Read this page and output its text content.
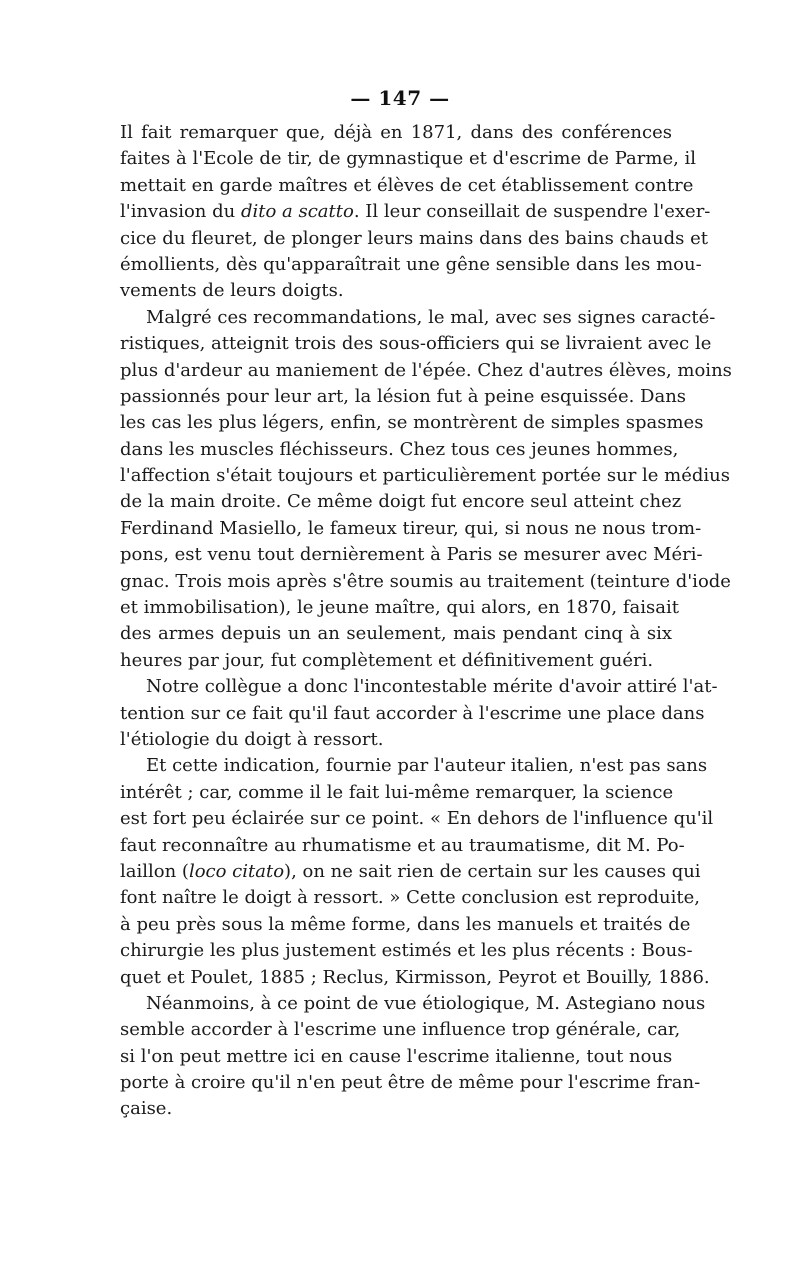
— 147 —
Il fait remarquer que, déjà en 1871, dans des conférences
faites à l'Ecole de tir, de gymnastique et d'escrime de Parme, il
mettait en garde maîtres et élèves de cet établissement contre
l'invasion du dito a scatto. Il leur conseillait de suspendre l'exer-
cice du fleuret, de plonger leurs mains dans des bains chauds et
émollients, dès qu'apparaîtrait une gêne sensible dans les mou-
vements de leurs doigts.
Malgré ces recommandations, le mal, avec ses signes caracté-
ristiques, atteignit trois des sous-officiers qui se livraient avec le
plus d'ardeur au maniement de l'épée. Chez d'autres élèves, moins
passionnés pour leur art, la lésion fut à peine esquissée. Dans
les cas les plus légers, enfin, se montrèrent de simples spasmes
dans les muscles fléchisseurs. Chez tous ces jeunes hommes,
l'affection s'était toujours et particulièrement portée sur le médius
de la main droite. Ce même doigt fut encore seul atteint chez
Ferdinand Masiello, le fameux tireur, qui, si nous ne nous trom-
pons, est venu tout dernièrement à Paris se mesurer avec Méri-
gnac. Trois mois après s'être soumis au traitement (teinture d'iode
et immobilisation), le jeune maître, qui alors, en 1870, faisait
des armes depuis un an seulement, mais pendant cinq à six
heures par jour, fut complètement et définitivement guéri.
Notre collègue a donc l'incontestable mérite d'avoir attiré l'at-
tention sur ce fait qu'il faut accorder à l'escrime une place dans
l'étiologie du doigt à ressort.
Et cette indication, fournie par l'auteur italien, n'est pas sans
intérêt ; car, comme il le fait lui-même remarquer, la science
est fort peu éclairée sur ce point. « En dehors de l'influence qu'il
faut reconnaître au rhumatisme et au traumatisme, dit M. Po-
laillon (loco citato), on ne sait rien de certain sur les causes qui
font naître le doigt à ressort. » Cette conclusion est reproduite,
à peu près sous la même forme, dans les manuels et traités de
chirurgie les plus justement estimés et les plus récents : Bous-
quet et Poulet, 1885 ; Reclus, Kirmisson, Peyrot et Bouilly, 1886.
Néanmoins, à ce point de vue étiologique, M. Astegiano nous
semble accorder à l'escrime une influence trop générale, car,
si l'on peut mettre ici en cause l'escrime italienne, tout nous
porte à croire qu'il n'en peut être de même pour l'escrime fran-
çaise.
